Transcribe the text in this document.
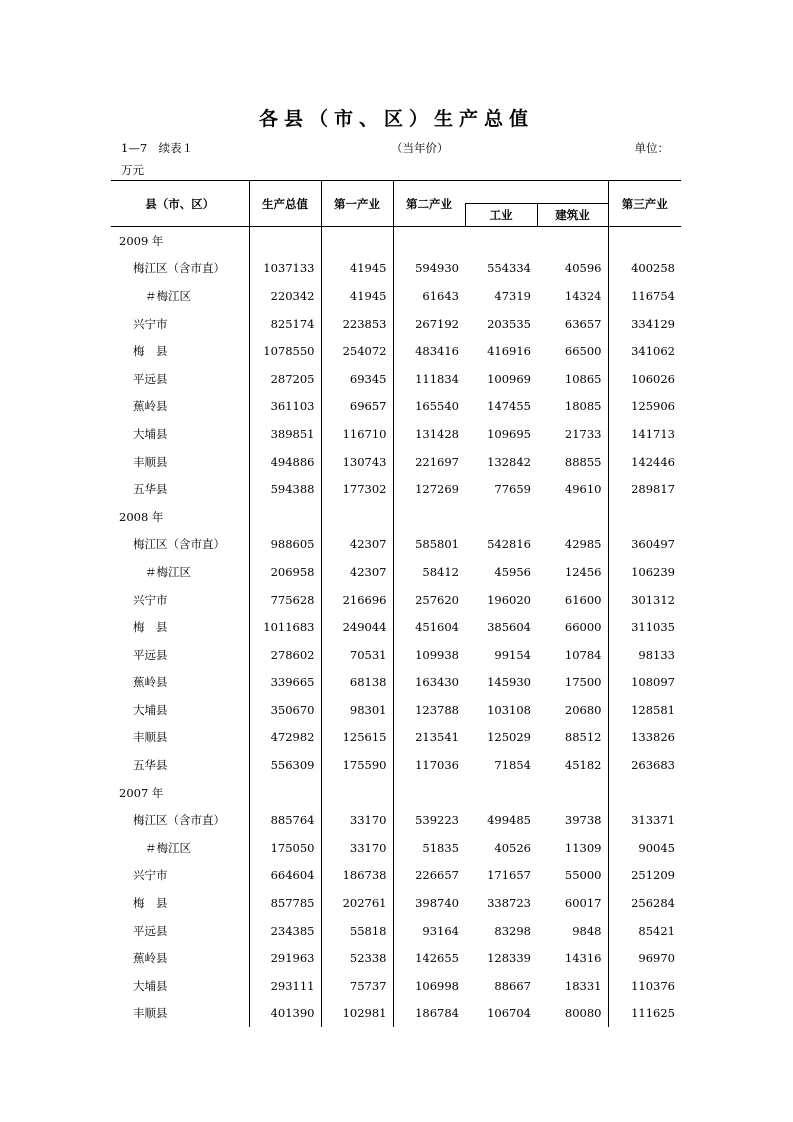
各县（市、区）生产总值
1—7　续表１	（当年价）	单位：
万元
县（市、区）	生产总值	第一产业	第二产业			第三产业
				工业	建筑业	
2009 年						
梅江区（含市直）	1037133	41945	594930	554334	40596	400258
＃梅江区	220342	41945	61643	47319	14324	116754
兴宁市	825174	223853	267192	203535	63657	334129
梅　县	1078550	254072	483416	416916	66500	341062
平远县	287205	69345	111834	100969	10865	106026
蕉岭县	361103	69657	165540	147455	18085	125906
大埔县	389851	116710	131428	109695	21733	141713
丰顺县	494886	130743	221697	132842	88855	142446
五华县	594388	177302	127269	77659	49610	289817
2008 年						
梅江区（含市直）	988605	42307	585801	542816	42985	360497
＃梅江区	206958	42307	58412	45956	12456	106239
兴宁市	775628	216696	257620	196020	61600	301312
梅　县	1011683	249044	451604	385604	66000	311035
平远县	278602	70531	109938	99154	10784	98133
蕉岭县	339665	68138	163430	145930	17500	108097
大埔县	350670	98301	123788	103108	20680	128581
丰顺县	472982	125615	213541	125029	88512	133826
五华县	556309	175590	117036	71854	45182	263683
2007 年						
梅江区（含市直）	885764	33170	539223	499485	39738	313371
＃梅江区	175050	33170	51835	40526	11309	90045
兴宁市	664604	186738	226657	171657	55000	251209
梅　县	857785	202761	398740	338723	60017	256284
平远县	234385	55818	93164	83298	9848	85421
蕉岭县	291963	52338	142655	128339	14316	96970
大埔县	293111	75737	106998	88667	18331	110376
丰顺县	401390	102981	186784	106704	80080	111625
